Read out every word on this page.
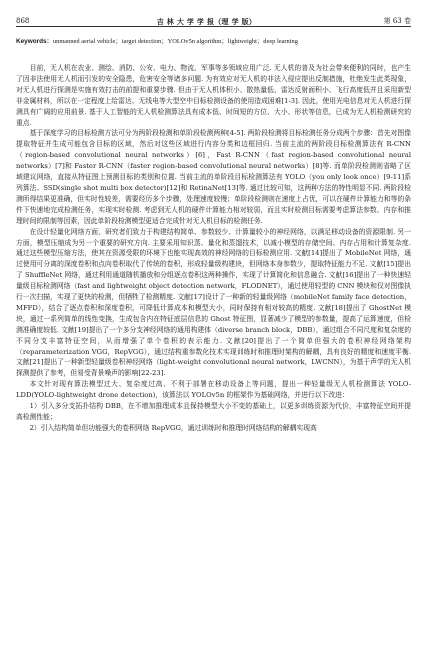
868	吉 林 大 学 学 报（理 学 版）	第 63 卷
Keywords：unmanned aerial vehicle；target detection；YOLOv5n algorithm；lightweight；deep learning

目前，无人机在农业、测绘、消防、公安、电力、物流、军事等多领域应用广泛. 无人机的普及为社会带来便利的同时，也产生了因非法使用无人机而引发的安全隐患，危害安全等诸多问题. 为有效应对无人机的非法入侵应提出反制措施，杜绝发生此类现象，对无人机进行探测是实施有效打击的前提和重要步骤. 但由于无人机体积小、散热量低、雷达反射面积小、飞行高度低并且采用新型非金属材料，所以在一定程度上给雷达、无线电等大型空中目标检测设备的使用造成困难[1-3]. 因此，使用光电信息对无人机进行探测具有广阔的应用前景. 基于人工智能的无人机检测算法具有成本低、时间短的方位、大小、形状等信息，已成为无人机检测研究的重点.

基于深度学习的目标检测方法可分为两阶段检测和单阶段检测两种[4-5]. 两阶段检测将目标检测任务分成两个步骤：首先对图像提取特征并生成可能包含目标的区域，然后对这些区域进行内容分类和边框回归. 当前主流的两阶段目标检测算法有 R-CNN（region-based convolutional neural networks）[6]，Fast R-CNN（fast region-based convolutional neural networks）[7]和 Faster R-CNN（faster region-based convolutional neural networks）[8]等. 而单阶段检测则省略了区域建议网络，直接从特征图上预测目标的类别和位置. 当前主流的单阶段目标检测算法有 YOLO（you only look once）[9-11]系列算法、SSD(single shot multi box detector)[12]和 RetinaNet[13]等. 通过比较可知，这两种方法的特性明显不同. 两阶段检测所得结果更准确，但实时性较差，需要经历多个步骤，处理速度较慢；单阶段检测则在速度上占优，可以在硬件计算能力和等的条件下快速地完成检测任务，实现实时检测. 考虑到无人机的硬件计算能力相对较弱，而且实时检测目标需要考虑算法参数、内存和推理时间的限制等因素，因此单阶段检测模型更适合完成针对无人机目标的检测任务.

在设计轻量化网络方面，研究者们致力于构建结构简单、参数较少、计算量较小的神经网络，以满足移动设备的资源限制. 另一方面，模型压缩成为另一个重要的研究方向. 主要采用知识蒸、量化和蒸馏技术，以减小模型的存储空间、内存占用和计算复杂度. 通过这些模型压缩方法，使其在资源受限的环境下也能实现高效的神经网络的目标检测应用. 文献[14]提出了 MobileNet 网络，通过使用可分离的深度卷积和点向卷积取代了传统的卷积，形成轻量级构建块，但网络本身参数少，提取特征能力不足. 文献[15]提出了 ShuffleNet 网络，通过利用通道随机播放和分组逐点卷积这两种操作，实现了计算简化和信息融合. 文献[16]提出了一种快速轻量级目标检测网络（fast and lightweight object detection network，FLODNET），通过使用轻型的 CNN 模块和仅对图像执行一次扫描，实现了更快的检测，但牺牲了检测精度. 文献[17]设计了一种新的轻量级网络（mobileNet family face detection，MFFD），结合了逐点卷积和深度卷积，可降低计算成本和模型大小，同时保持有相对较高的精度. 文献[18]提出了 GhostNet 模块，通过一系列简单的线性变换，生成包含内在特征底层信息的 Ghost 特征图，显著减少了模型的参数量，提高了运算速度，但检测准确度较低. 文献[19]提出了一个多分支神经网络的通用构建体（diverse branch block，DBB），通过组合不同尺度和复杂度的不同分支丰富特征空间，从而增强了单个卷积的表示能力. 文献[20]提出了一个简单但强大的卷积神经网络架构（reparameterization VGG，RepVGG），通过结构重参数化技术实现训练时和推理时架构的解耦，具有良好的精度和速度平衡. 文献[21]提出了一种新型轻量级卷积神经网络（light-weight convolutional neural network，LWCNN），为基于声学的无人机探测提供了参考，但易受背景噪声的影响[22-23].

本文针对现有算法模型过大、复杂度过高、不利于部署在移动设备上等问题，提出一种轻量级无人机检测算法 YOLO-LDD(YOLO-lightweight drone detection)，该算法以 YOLOv5n 的框架作为基础网络，并进行以下改进：

1）引入多分支拓扑结构 DBB，在不增加推理成本且保持模型大小不变的基础上，以更多训练资源为代价，丰富特征空间并提高检测性能；
2）引入结构简单但功能强大的卷积网络 RepVGG，通过训练时和推理时网络结构的解耦实现高
